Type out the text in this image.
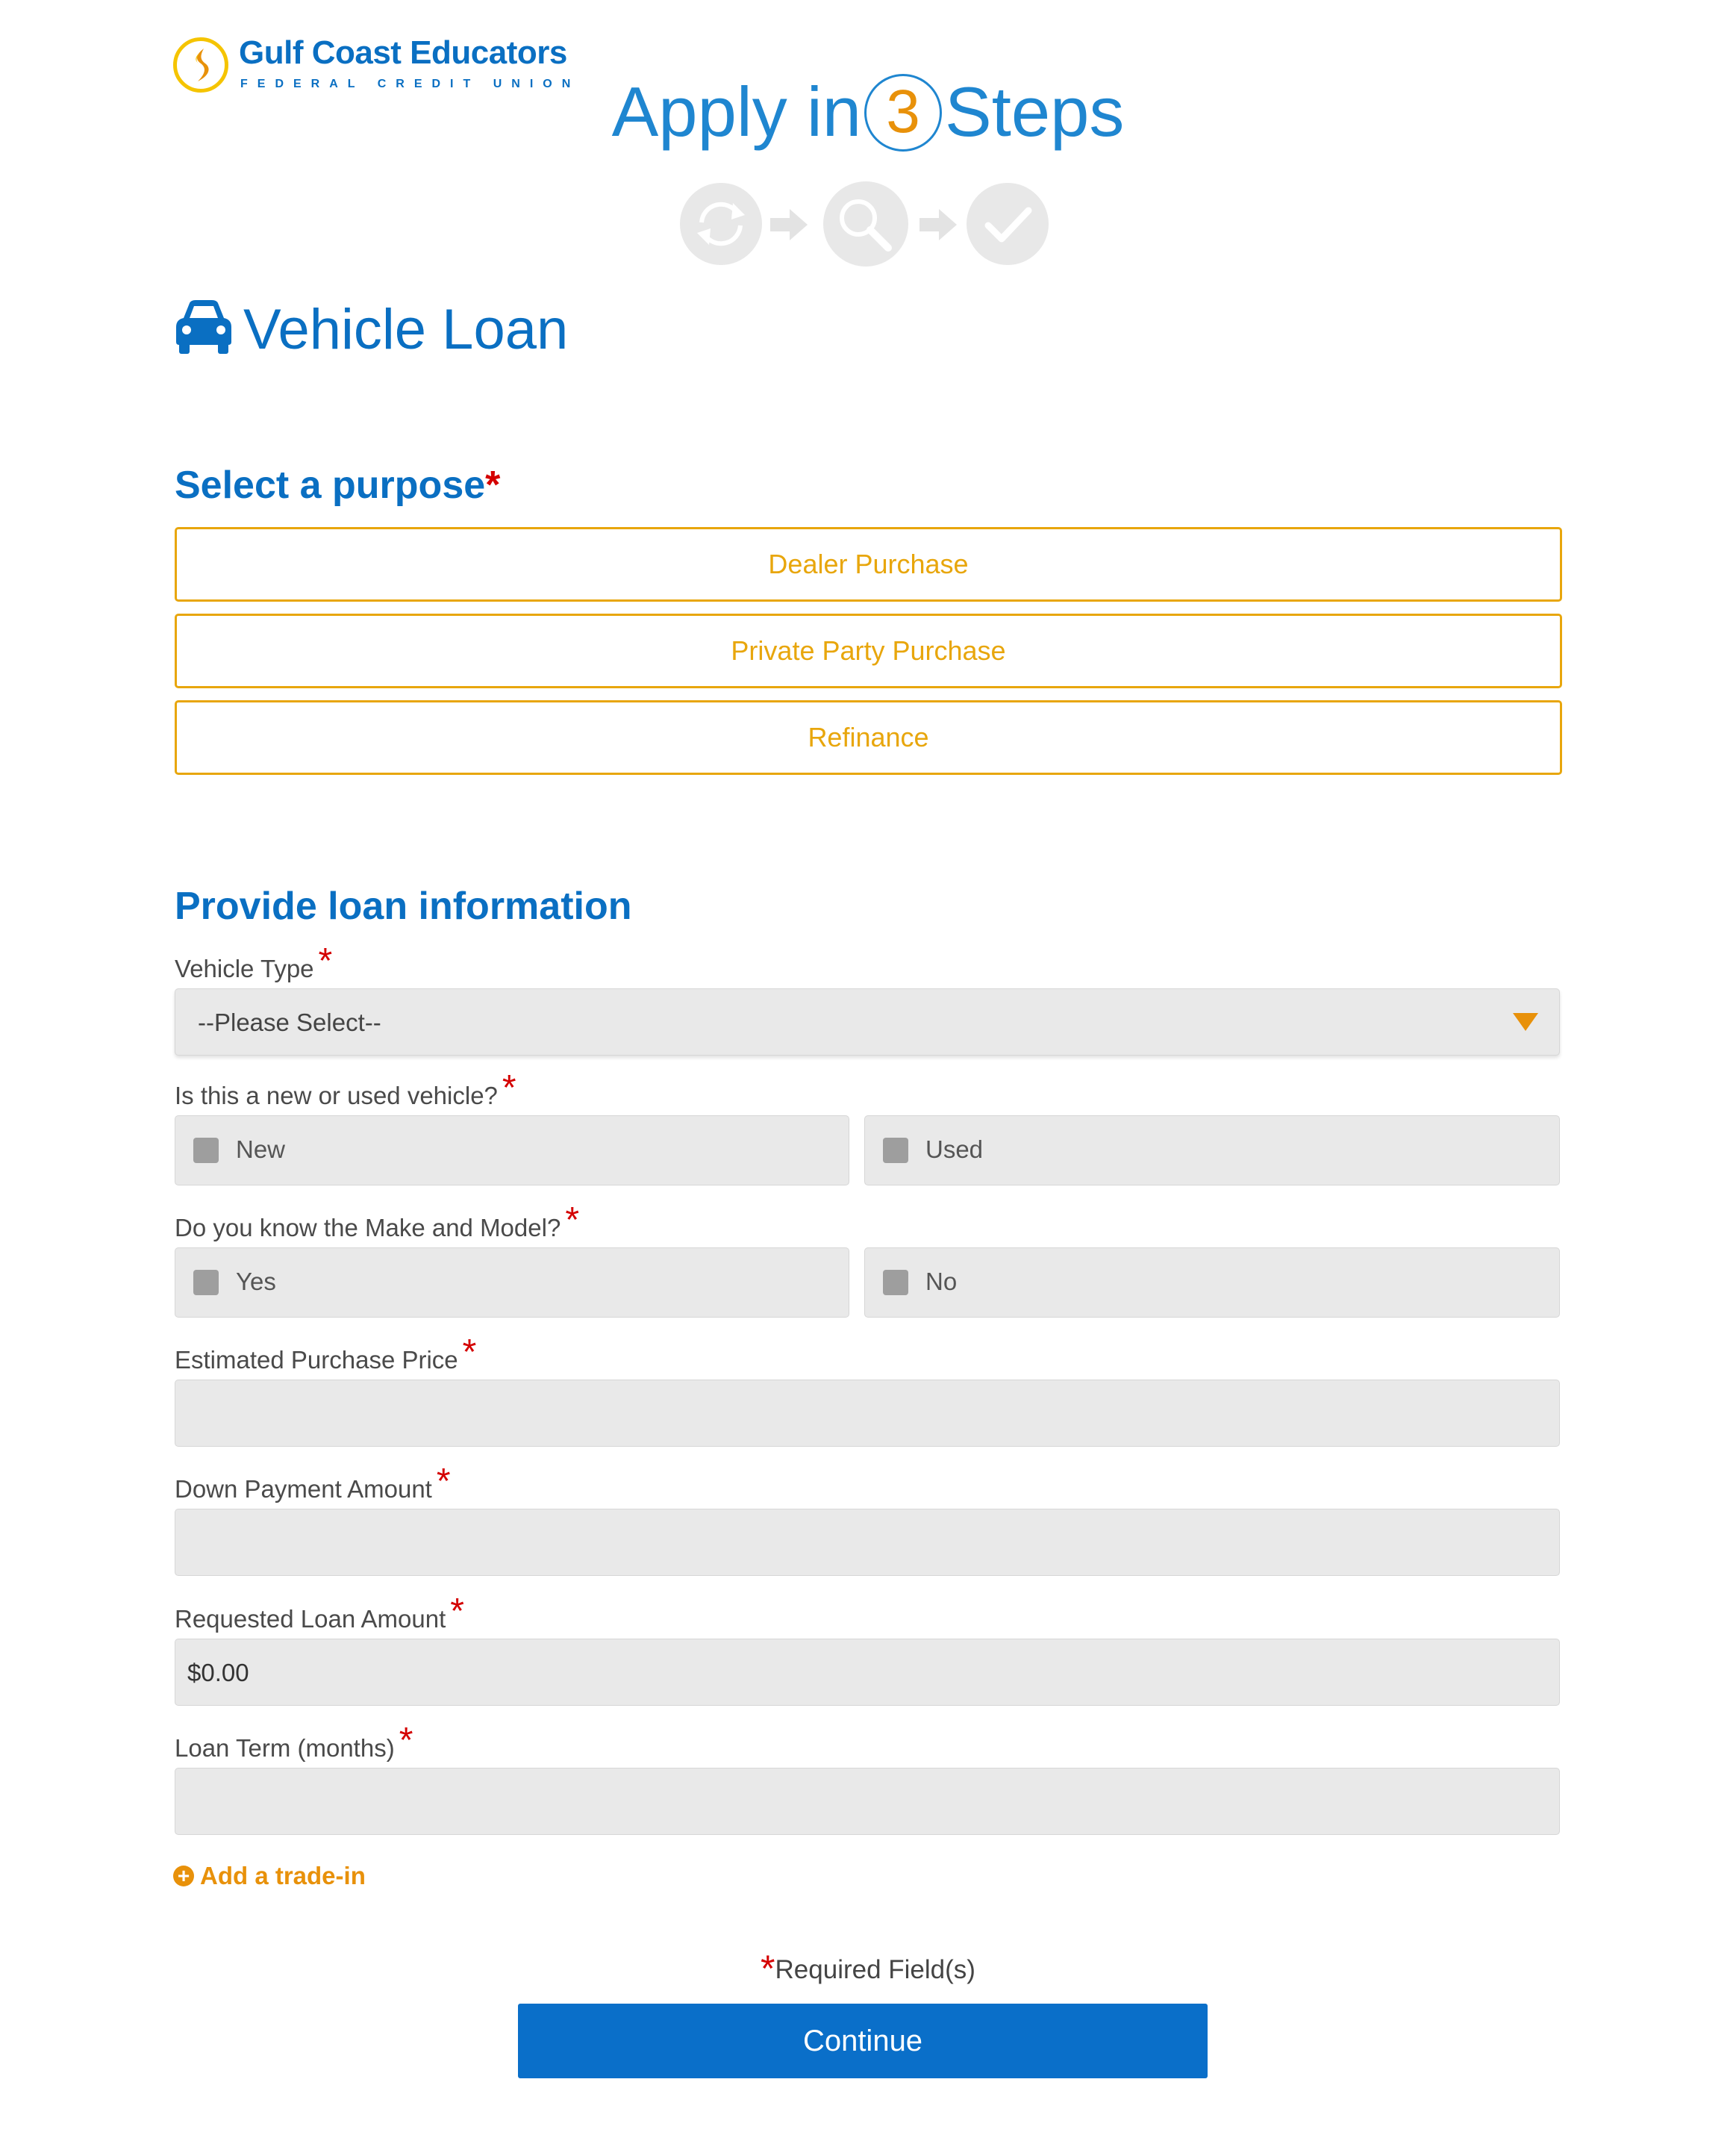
Gulf Coast Educators
FEDERAL CREDIT UNION Apply in 3 Steps
Vehicle Loan
Select a purpose*
Dealer Purchase
Private Party Purchase
Refinance
Provide loan information
Vehicle Type *
--Please Select--
Is this a new or used vehicle? *
New	Used
Do you know the Make and Model? *
Yes	No
Estimated Purchase Price *
Down Payment Amount *
Requested Loan Amount *
$0.00
Loan Term (months) *
+ Add a trade-in
*Required Field(s)
Continue
